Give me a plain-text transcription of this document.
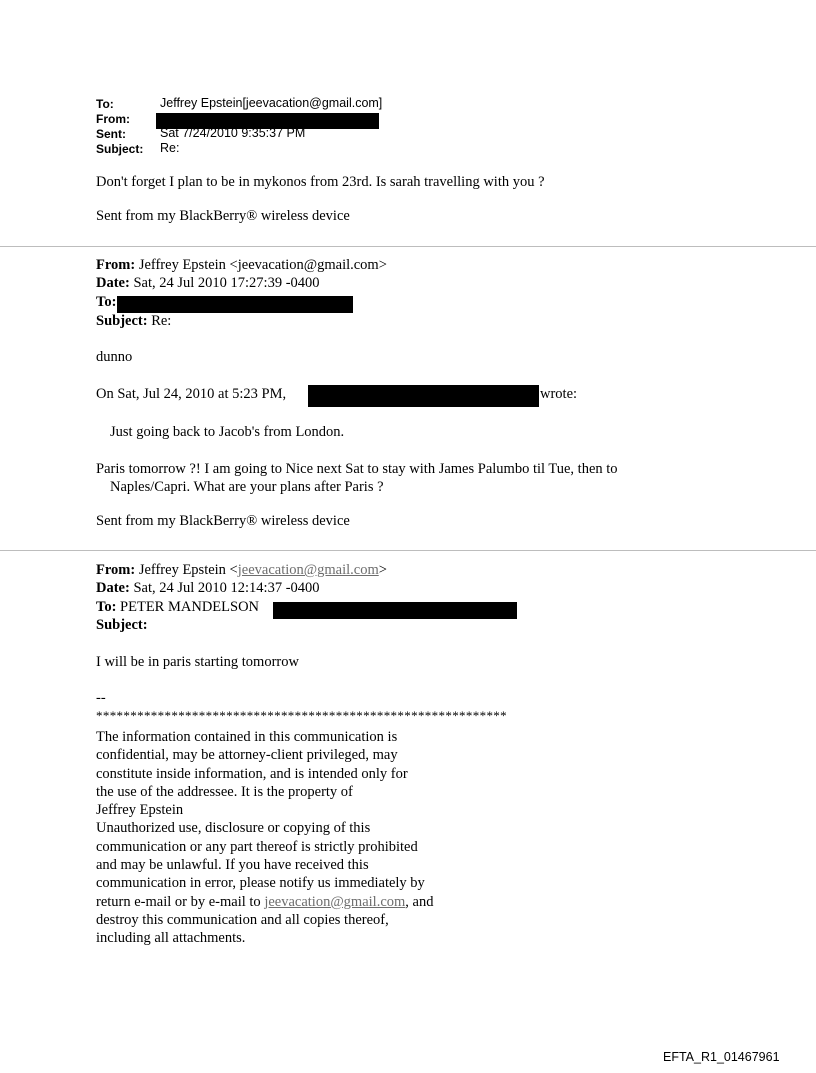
To:	Jeffrey Epstein[jeevacation@gmail.com]
From:
Sent:	Sat 7/24/2010 9:35:37 PM
Subject: Re:
Don't forget I plan to be in mykonos from 23rd. Is sarah travelling with you ?
Sent from my BlackBerry® wireless device
From: Jeffrey Epstein <jeevacation@gmail.com>
Date: Sat, 24 Jul 2010 17:27:39 -0400
To:
Subject: Re:
dunno
On Sat, Jul 24, 2010 at 5:23 PM,	wrote:
Just going back to Jacob's from London.
Paris tomorrow ?! I am going to Nice next Sat to stay with James Palumbo til Tue, then to
Naples/Capri. What are your plans after Paris ?
Sent from my BlackBerry® wireless device
From: Jeffrey Epstein <jeevacation@gmail.com>
Date: Sat, 24 Jul 2010 12:14:37 -0400
To: PETER MANDELSON
Subject:
I will be in paris starting tomorrow
--
************************************************************
The information contained in this communication is
confidential, may be attorney-client privileged, may
constitute inside information, and is intended only for
the use of the addressee. It is the property of
Jeffrey Epstein
Unauthorized use, disclosure or copying of this
communication or any part thereof is strictly prohibited
and may be unlawful. If you have received this
communication in error, please notify us immediately by
return e-mail or by e-mail to jeevacation@gmail.com, and
destroy this communication and all copies thereof,
including all attachments.
EFTA_R1_01467961
